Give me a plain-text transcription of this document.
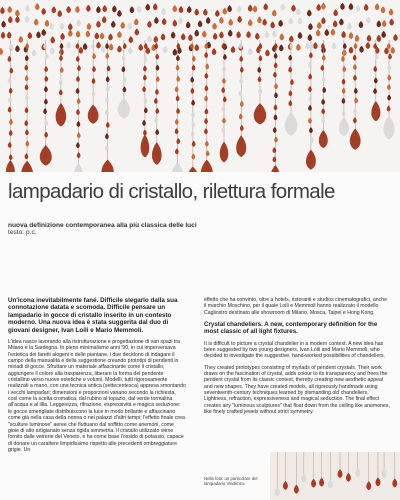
lampadario di cristallo, rilettura formale
nuova definizione contemporanea alla più classica delle luci
testo: p.c.

Un'icona inevitabilmente fané. Difficile slegarlo dalla sua connotazione datata e scomoda. Difficile pensare un lampadario in gocce di cristallo inserito in un contesto moderno. Una nuova idea è stata suggerita dal duo di giovani designer, Ivan Loili e Mario Memmoli.

L'idea nasce lavorando alla ristrutturazione e progettazione di vari spazi tra Milano e la Sardegna. In pieno minimalismo anni '90, in cui imperversava l'estetica dei faretti alogeni e delle piantane, i due decidono di indagare il campo della manualità e della suggestione creando prototipi di pendenti in miriadi di gocce. Sfruttare un materiale affascinante come il cristallo, aggiungere il colore alla trasparenza, liberare la forma del pendente cristallino verso nuove estetiche e volumi. Modelli, tutti rigorosamente realizzati a mano, con una tecnica antica (settecentesca) appresa smontando i vecchi lampadari; dimensioni e proporzioni variano secondo la richiesta, così come la scelta cromatica, dal rubino al topazio, dal verde tormalina all'acqua e al lilla. Leggerezza, rifrazione, espressività e magica seduzione: le gocce smerigliate distribuiscono la luce in modo brillante e affascinano come già nella casa della nonna o nei palazzi d'altri tempi; l'effetto finale crea "sculture luminose" aeree che fluttuano dal soffitto come anemoni, come gioie di alto artigianato senza rigida simmetria. Il cristallo utilizzato viene fornito dalle vetrerie del Veneto, e ha come base l'ossido di potassio, capace di donare un carattere limpidissimo rispetto alle precedenti ombreggiature grigie. Un

effetto che ha convinto, oltre a hotels, ristoranti e studios cinematografici, anche il marchio Moschino, per il quale Loili e Memmoli hanno realizzato il modello Cagliostro destinato alle showroom di Milano, Mosca, Taipei e Hong Kong.

Crystal chandeliers. A new, contemporary definition for the most classic of all light fixtures.

It is difficult to picture a crystal chandelier in a modern context. A new idea has been suggested by two young designers, Ivan Loili and Mario Memmoli, who decided to investigate the suggestive, hand-worked possibilities of chandeliers.

They created prototypes consisting of myriads of pendent crystals. Their work draws on the fascination of crystal, adds colour to its transparency and frees the pendent crystal from its classic context, thereby creating new aesthetic appeal and new shapes. They have created models, all rigorously handmade using seventeenth-century techniques learned by dismantling old chandeliers. Lightness, refraction, expressiveness and magical seduction. The final effect creates airy "luminous sculptures" that float down from the ceiling like anemones, like finely crafted jewels without strict symmetry.

Nella foto: un particolare del lampadario Vladimiro.
